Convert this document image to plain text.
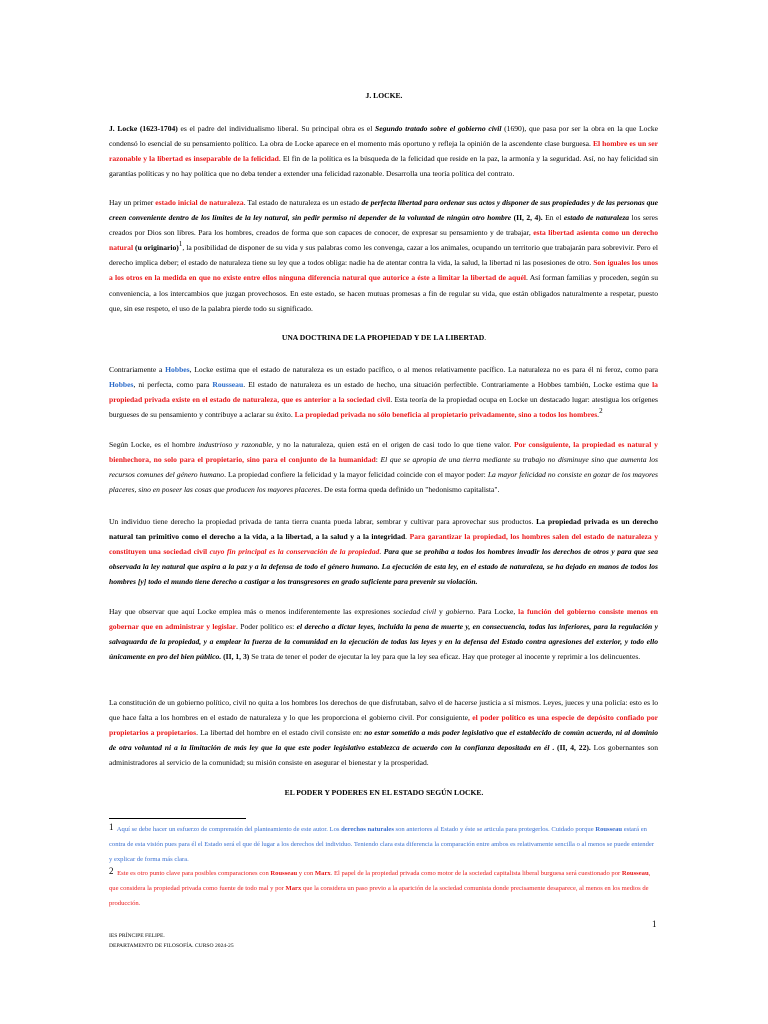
J. LOCKE.

J. Locke (1623-1704) es el padre del individualismo liberal. Su principal obra es el Segundo tratado sobre el gobierno civil (1690), que pasa por ser la obra en la que Locke condensó lo esencial de su pensamiento político. La obra de Locke aparece en el momento más oportuno y refleja la opinión de la ascendente clase burguesa. El hombre es un ser razonable y la libertad es inseparable de la felicidad. El fin de la política es la búsqueda de la felicidad que reside en la paz, la armonía y la seguridad. Así, no hay felicidad sin garantías políticas y no hay política que no deba tender a extender una felicidad razonable. Desarrolla una teoría política del contrato.

Hay un primer estado inicial de naturaleza. Tal estado de naturaleza es un estado de perfecta libertad para ordenar sus actos y disponer de sus propiedades y de las personas que creen conveniente dentro de los límites de la ley natural, sin pedir permiso ni depender de la voluntad de ningún otro hombre (II, 2, 4). En el estado de naturaleza los seres creados por Dios son libres. Para los hombres, creados de forma que son capaces de conocer, de expresar su pensamiento y de trabajar, esta libertad asienta como un derecho natural (u originario)$^1$, la posibilidad de disponer de su vida y sus palabras como les convenga, cazar a los animales, ocupando un territorio que trabajarán para sobrevivir. Pero el derecho implica deber; el estado de naturaleza tiene su ley que a todos obliga: nadie ha de atentar contra la vida, la salud, la libertad ni las posesiones de otro. Son iguales los unos a los otros en la medida en que no existe entre ellos ninguna diferencia natural que autorice a éste a limitar la libertad de aquél. Así forman familias y proceden, según su conveniencia, a los intercambios que juzgan provechosos. En este estado, se hacen mutuas promesas a fin de regular su vida, que están obligados naturalmente a respetar, puesto que, sin ese respeto, el uso de la palabra pierde todo su significado.

UNA DOCTRINA DE LA PROPIEDAD Y DE LA LIBERTAD.

Contrariamente a Hobbes, Locke estima que el estado de naturaleza es un estado pacífico, o al menos relativamente pacífico. La naturaleza no es para él ni feroz, como para Hobbes, ni perfecta, como para Rousseau. El estado de naturaleza es un estado de hecho, una situación perfectible. Contrariamente a Hobbes también, Locke estima que la propiedad privada existe en el estado de naturaleza, que es anterior a la sociedad civil. Esta teoría de la propiedad ocupa en Locke un destacado lugar: atestigua los orígenes burgueses de su pensamiento y contribuye a aclarar su éxito. La propiedad privada no sólo beneficia al propietario privadamente, sino a todos los hombres.$^2$

Según Locke, es el hombre industrioso y razonable, y no la naturaleza, quien está en el origen de casi todo lo que tiene valor. Por consiguiente, la propiedad es natural y bienhechora, no solo para el propietario, sino para el conjunto de la humanidad: El que se apropia de una tierra mediante su trabajo no disminuye sino que aumenta los recursos comunes del género humano. La propiedad confiere la felicidad y la mayor felicidad coincide con el mayor poder: La mayor felicidad no consiste en gozar de los mayores placeres, sino en poseer las cosas que producen los mayores placeres. De esta forma queda definido un "hedonismo capitalista".

Un individuo tiene derecho la propiedad privada de tanta tierra cuanta pueda labrar, sembrar y cultivar para aprovechar sus productos. La propiedad privada es un derecho natural tan primitivo como el derecho a la vida, a la libertad, a la salud y a la integridad. Para garantizar la propiedad, los hombres salen del estado de naturaleza y constituyen una sociedad civil cuyo fin principal es la conservación de la propiedad. Para que se prohíba a todos los hombres invadir los derechos de otros y para que sea observada la ley natural que aspira a la paz y a la defensa de todo el género humano. La ejecución de esta ley, en el estado de naturaleza, se ha dejado en manos de todos los hombres [y] todo el mundo tiene derecho a castigar a los transgresores en grado suficiente para prevenir su violación.

Hay que observar que aquí Locke emplea más o menos indiferentemente las expresiones sociedad civil y gobierno. Para Locke, la función del gobierno consiste menos en gobernar que en administrar y legislar. Poder político es: el derecho a dictar leyes, incluida la pena de muerte y, en consecuencia, todas las inferiores, para la regulación y salvaguarda de la propiedad, y a emplear la fuerza de la comunidad en la ejecución de todas las leyes y en la defensa del Estado contra agresiones del exterior, y todo ello únicamente en pro del bien público. (II, 1, 3) Se trata de tener el poder de ejecutar la ley para que la ley sea eficaz. Hay que proteger al inocente y reprimir a los delincuentes.

La constitución de un gobierno político, civil no quita a los hombres los derechos de que disfrutaban, salvo el de hacerse justicia a sí mismos. Leyes, jueces y una policía: esto es lo que hace falta a los hombres en el estado de naturaleza y lo que les proporciona el gobierno civil. Por consiguiente, el poder político es una especie de depósito confiado por propietarios a propietarios. La libertad del hombre en el estado civil consiste en: no estar sometido a más poder legislativo que el establecido de común acuerdo, ni al dominio de otra voluntad ni a la limitación de más ley que la que este poder legislativo establezca de acuerdo con la confianza depositada en él . (II, 4, 22). Los gobernantes son administradores al servicio de la comunidad; su misión consiste en asegurar el bienestar y la prosperidad.

EL PODER Y PODERES EN EL ESTADO SEGÚN LOCKE.

1 Aquí se debe hacer un esfuerzo de comprensión del planteamiento de este autor. Los derechos naturales son anteriores al Estado y éste se articula para protegerlos. Cuidado porque Rousseau estará en contra de esta visión pues para él el Estado será el que dé lugar a los derechos del individuo. Teniendo clara esta diferencia la comparación entre ambos es relativamente sencilla o al menos se puede entender y explicar de forma más clara.

2 Este es otro punto clave para posibles comparaciones con Rousseau y con Marx. El papel de la propiedad privada como motor de la sociedad capitalista liberal burguesa será cuestionado por Rousseau, que considera la propiedad privada como fuente de todo mal y por Marx que la considera un paso previo a la aparición de la sociedad comunista donde precisamente desaparece, al menos en los medios de producción.

1
IES PRÍNCIPE FELIPE.
DEPARTAMENTO DE FILOSOFÍA. CURSO 2024-25
